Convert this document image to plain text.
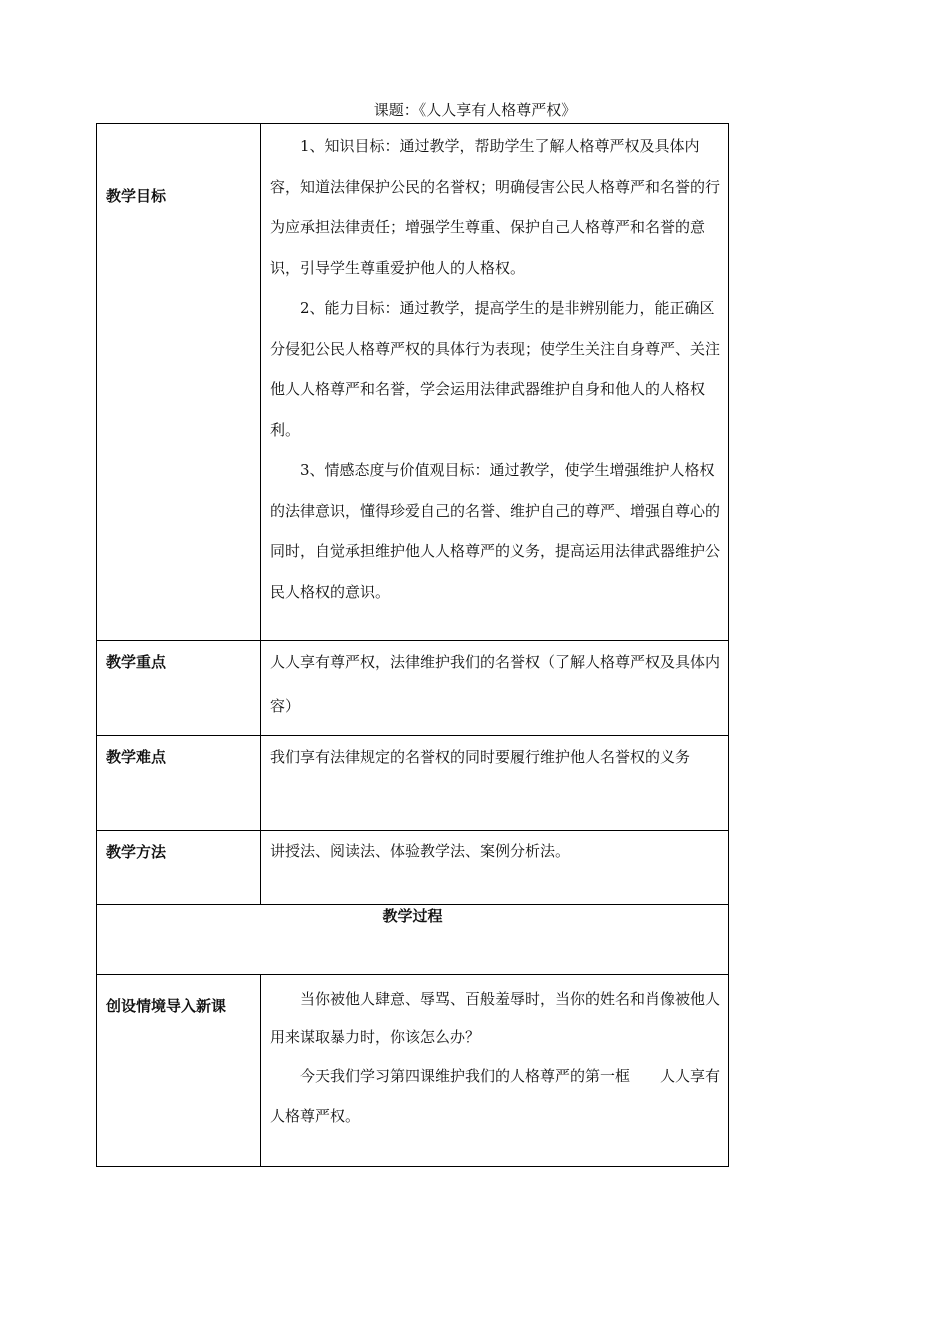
课题：《人人享有人格尊严权》
教学目标	1、知识目标：通过教学，帮助学生了解人格尊严权及具体内容，知道法律保护公民的名誉权；明确侵害公民人格尊严和名誉的行为应承担法律责任；增强学生尊重、保护自己人格尊严和名誉的意识，引导学生尊重爱护他人的人格权。

2、能力目标：通过教学，提高学生的是非辨别能力，能正确区分侵犯公民人格尊严权的具体行为表现；使学生关注自身尊严、关注他人人格尊严和名誉，学会运用法律武器维护自身和他人的人格权利。

3、情感态度与价值观目标：通过教学，使学生增强维护人格权的法律意识，懂得珍爱自己的名誉、维护自己的尊严、增强自尊心的同时，自觉承担维护他人人格尊严的义务，提高运用法律武器维护公民人格权的意识。

教学重点	人人享有尊严权，法律维护我们的名誉权（了解人格尊严权及具体内容）

教学难点	我们享有法律规定的名誉权的同时要履行维护他人名誉权的义务

教学方法	讲授法、阅读法、体验教学法、案例分析法。

教学过程	
创设情境导入新课	当你被他人肆意、辱骂、百般羞辱时，当你的姓名和肖像被他人用来谋取暴力时，你该怎么办？

今天我们学习第四课维护我们的人格尊严的第一框　　人人享有人格尊严权。
